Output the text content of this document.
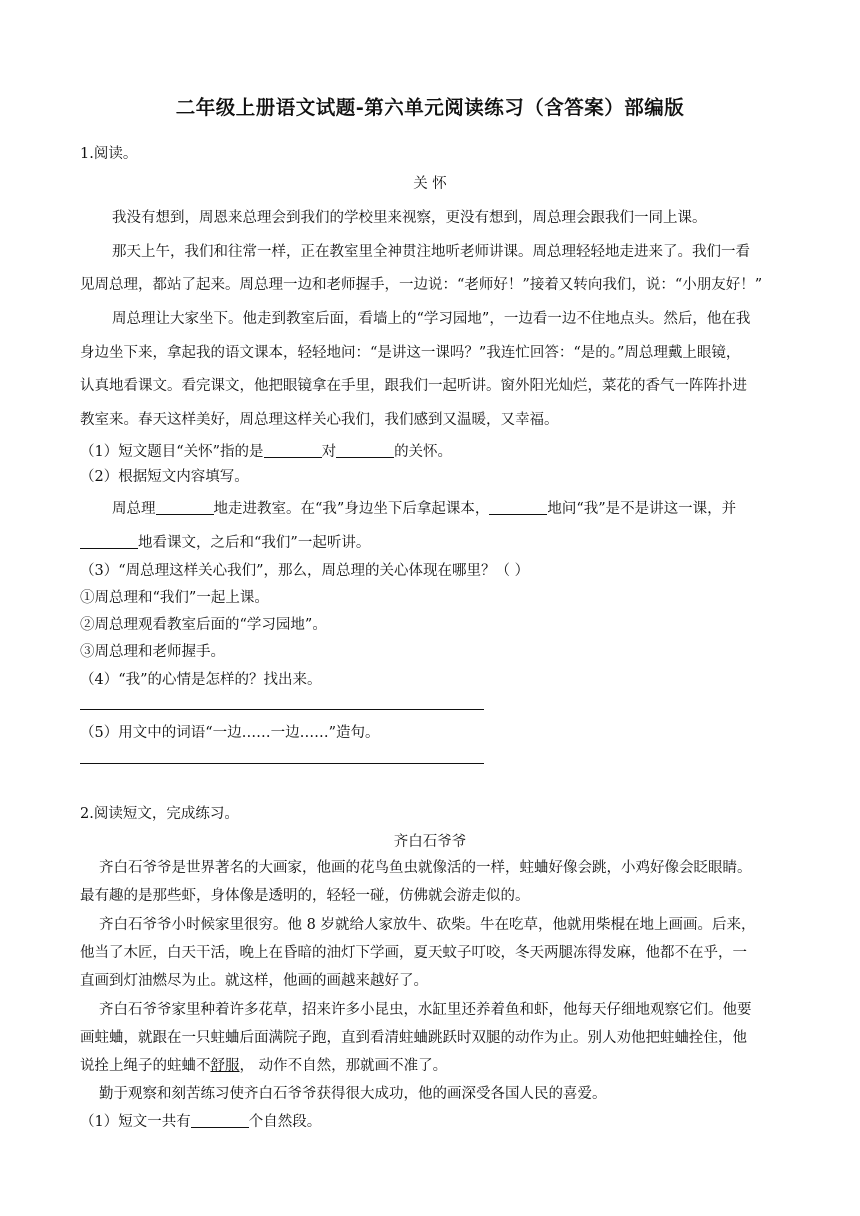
二年级上册语文试题-第六单元阅读练习（含答案）部编版
1.阅读。
关 怀
我没有想到，周恩来总理会到我们的学校里来视察，更没有想到，周总理会跟我们一同上课。
那天上午，我们和往常一样，正在教室里全神贯注地听老师讲课。周总理轻轻地走进来了。我们一看
见周总理，都站了起来。周总理一边和老师握手，一边说：“老师好！”接着又转向我们，说：“小朋友好！”
周总理让大家坐下。他走到教室后面，看墙上的“学习园地”，一边看一边不住地点头。然后，他在我
身边坐下来，拿起我的语文课本，轻轻地问：“是讲这一课吗？”我连忙回答：“是的。”周总理戴上眼镜，
认真地看课文。看完课文，他把眼镜拿在手里，跟我们一起听讲。窗外阳光灿烂，菜花的香气一阵阵扑进
教室来。春天这样美好，周总理这样关心我们，我们感到又温暖，又幸福。
（1）短文题目“关怀”指的是	对	的关怀。
（2）根据短文内容填写。
周总理	地走进教室。在“我”身边坐下后拿起课本，	地问“我”是不是讲这一课，并
地看课文，之后和“我们”一起听讲。
（3）“周总理这样关心我们”，那么，周总理的关心体现在哪里？（ ）
①周总理和“我们”一起上课。
②周总理观看教室后面的“学习园地”。
③周总理和老师握手。
（4）“我”的心情是怎样的？找出来。
（5）用文中的词语“一边……一边……”造句。
2.阅读短文，完成练习。
齐白石爷爷
齐白石爷爷是世界著名的大画家，他画的花鸟鱼虫就像活的一样，蛀蛐好像会跳，小鸡好像会眨眼睛。
最有趣的是那些虾，身体像是透明的，轻轻一碰，仿佛就会游走似的。
齐白石爷爷小时候家里很穷。他 8 岁就给人家放牛、砍柴。牛在吃草，他就用柴棍在地上画画。后来，
他当了木匠，白天干活，晚上在昏暗的油灯下学画，夏天蚊子叮咬，冬天两腿冻得发麻，他都不在乎，一
直画到灯油燃尽为止。就这样，他画的画越来越好了。
齐白石爷爷家里种着许多花草，招来许多小昆虫，水缸里还养着鱼和虾，他每天仔细地观察它们。他要
画蛀蛐，就跟在一只蛀蛐后面满院子跑，直到看清蛀蛐跳跃时双腿的动作为止。别人劝他把蛀蛐拴住，他
说拴上绳子的蛀蛐不舒服， 动作不自然，那就画不准了。
勤于观察和刻苦练习使齐白石爷爷获得很大成功，他的画深受各国人民的喜爱。
（1）短文一共有	个自然段。
